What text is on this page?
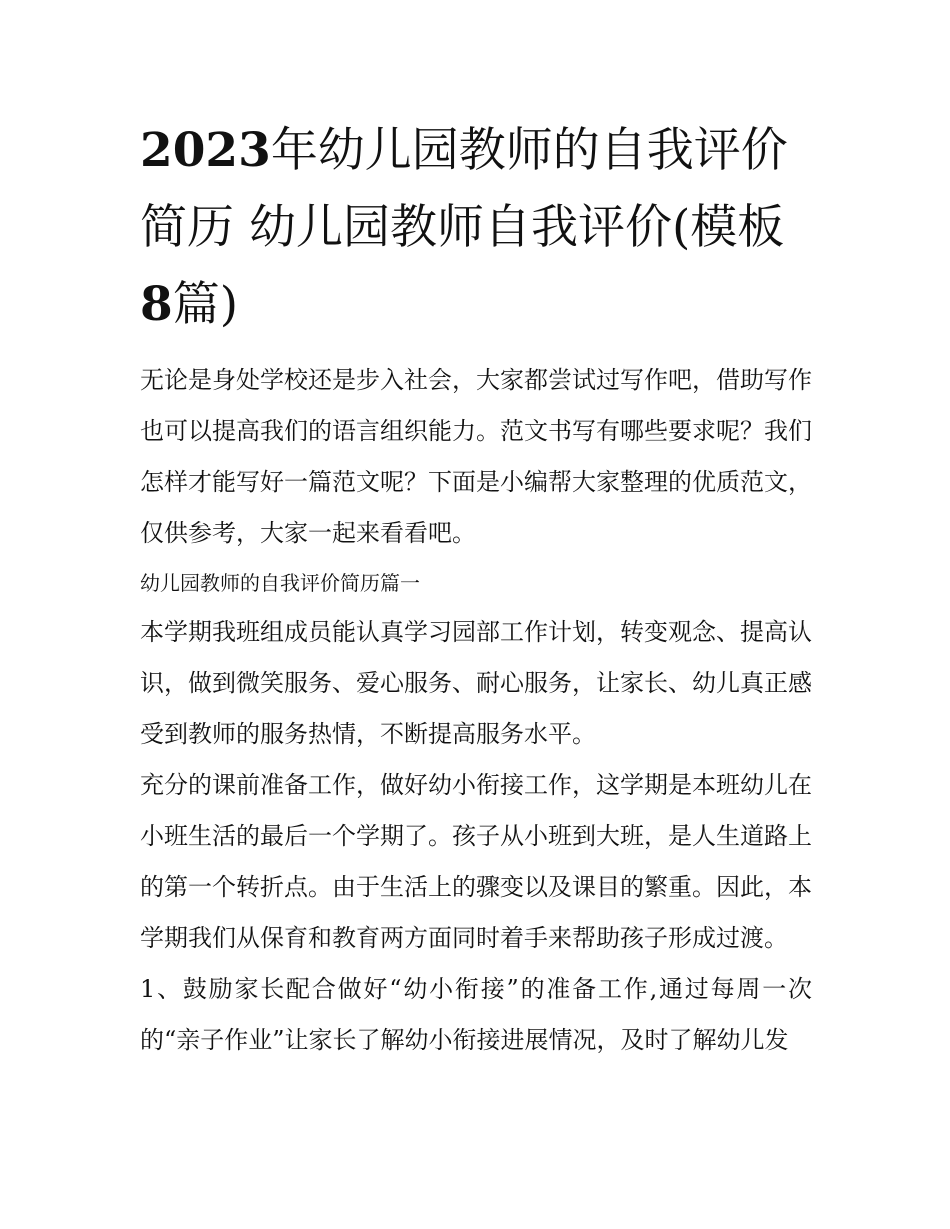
2023年幼儿园教师的自我评价简历 幼儿园教师自我评价(模板8篇)

无论是身处学校还是步入社会，大家都尝试过写作吧，借助写作也可以提高我们的语言组织能力。范文书写有哪些要求呢？我们怎样才能写好一篇范文呢？下面是小编帮大家整理的优质范文，仅供参考，大家一起来看看吧。

幼儿园教师的自我评价简历篇一

本学期我班组成员能认真学习园部工作计划，转变观念、提高认识，做到微笑服务、爱心服务、耐心服务，让家长、幼儿真正感受到教师的服务热情，不断提高服务水平。

充分的课前准备工作，做好幼小衔接工作，这学期是本班幼儿在小班生活的最后一个学期了。孩子从小班到大班，是人生道路上的第一个转折点。由于生活上的骤变以及课目的繁重。因此，本学期我们从保育和教育两方面同时着手来帮助孩子形成过渡。

1、鼓励家长配合做好“幼小衔接”的准备工作,通过每周一次的“亲子作业”让家长了解幼小衔接进展情况，及时了解幼儿发
